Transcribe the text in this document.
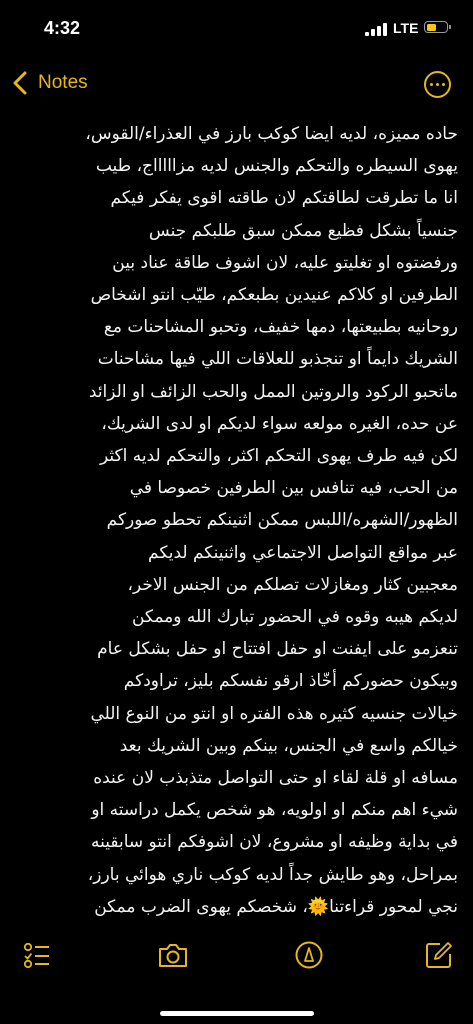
4:32	LTE
Notes
حاده مميزه، لديه ايضا كوكب بارز في العذراء/القوس،
يهوى السيطره والتحكم والجنس لديه مزاااااج، طيب
انا ما تطرقت لطاقتكم لان طاقته اقوى يفكر فيكم
جنسياً بشكل فظيع ممكن سبق طلبكم جنس
ورفضتوه او تغليتو عليه، لان اشوف طاقة عناد بين
الطرفين او كلاكم عنيدين بطبعكم، طيّب انتو اشخاص
روحانيه بطبيعتها، دمها خفيف، وتحبو المشاحنات مع
الشريك دايماً او تنجذبو للعلاقات اللي فيها مشاحنات
ماتحبو الركود والروتين الممل والحب الزائف او الزائد
عن حده، الغيره مولعه سواء لديكم او لدى الشريك،
لكن فيه طرف يهوى التحكم اكثر، والتحكم لديه اكثر
من الحب، فيه تنافس بين الطرفين خصوصا في
الظهور/الشهره/اللبس ممكن اثنينكم تحطو صوركم
عبر مواقع التواصل الاجتماعي واثنينكم لديكم
معجبين كثار ومغازلات تصلكم من الجنس الاخر،
لديكم هيبه وقوه في الحضور تبارك الله وممكن
تنعزمو على ايفنت او حفل افتتاح او حفل بشكل عام
وبيكون حضوركم أخّاذ ارقو نفسكم بليز، تراودكم
خيالات جنسيه كثيره هذه الفتره او انتو من النوع اللي
خيالكم واسع في الجنس، بينكم وبين الشريك بعد
مسافه او قلة لقاء او حتى التواصل متذبذب لان عنده
شيء اهم منكم او اولويه، هو شخص يكمل دراسته او
في بداية وظيفه او مشروع، لان اشوفكم انتو سابقينه
بمراحل، وهو طايش جداً لديه كوكب ناري هوائي بارز،
نجي لمحور قراءتنا🌞، شخصكم يهوى الضرب ممكن
